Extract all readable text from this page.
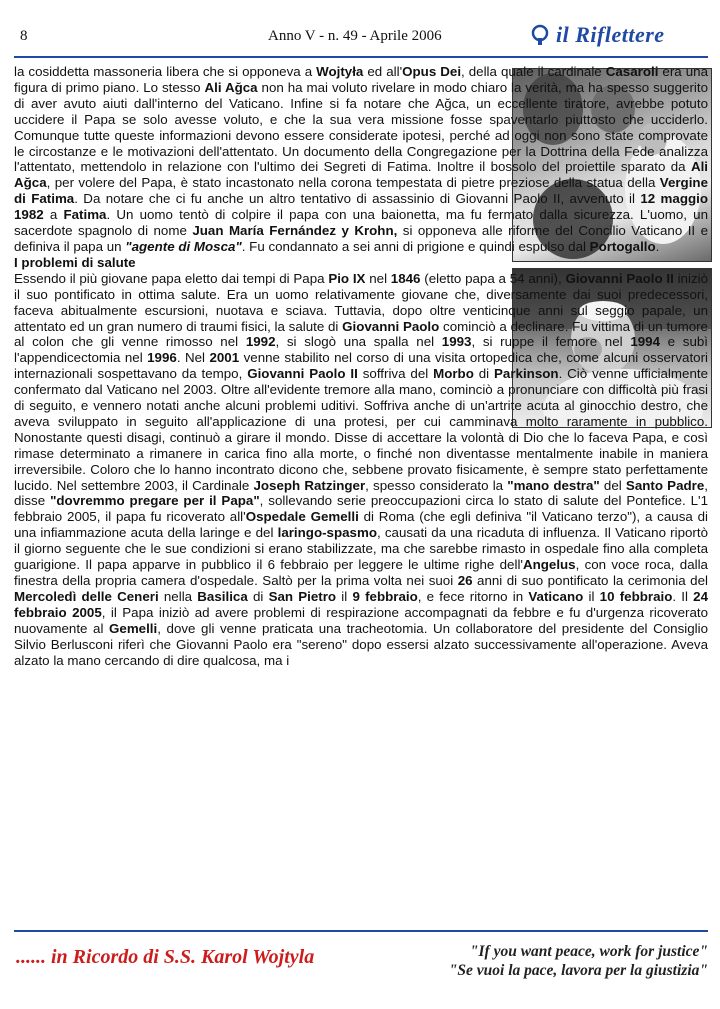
8	Anno V - n. 49 - Aprile 2006	il Riflettere
la cosiddetta massoneria libera che si opponeva a Wojtyła ed all'Opus Dei, della quale il cardinale Casaroli era una figura di primo piano. Lo stesso Ali Ağca non ha mai voluto rivelare in modo chiaro la verità, ma ha spesso suggerito di aver avuto aiuti dall'interno del Vaticano. Infine si fa notare che Ağca, un eccellente tiratore, avrebbe potuto uccidere il Papa se solo avesse voluto, e che la sua vera missione fosse spaventarlo piuttosto che ucciderlo. Comunque tutte queste informazioni devono essere considerate ipotesi, perché ad oggi non sono state comprovate le circostanze e le motivazioni dell'attentato. Un documento della Congregazione per la Dottrina della Fede analizza l'attentato, mettendolo in relazione con l'ultimo dei Segreti di Fatima. Inoltre il bossolo del proiettile sparato da Ali Ağca, per volere del Papa, è stato incastonato nella corona tempestata di pietre preziose della statua della Vergine di Fatima. Da notare che ci fu anche un altro tentativo di assassinio di Giovanni Paolo II, avvenuto il 12 maggio 1982 a Fatima. Un uomo tentò di colpire il papa con una baionetta, ma fu fermato dalla sicurezza. L'uomo, un sacerdote spagnolo di nome Juan María Fernández y Krohn, si opponeva alle riforme del Concilio Vaticano II e definiva il papa un "agente di Mosca". Fu condannato a sei anni di prigione e quindi espulso dal Portogallo.
I problemi di salute
Essendo il più giovane papa eletto dai tempi di Papa Pio IX nel 1846 (eletto papa a 54 anni), Giovanni Paolo II iniziò il suo pontificato in ottima salute. Era un uomo relativamente giovane che, diversamente dai suoi predecessori, faceva abitualmente escursioni, nuotava e sciava. Tuttavia, dopo oltre venticinque anni sul seggio papale, un attentato ed un gran numero di traumi fisici, la salute di Giovanni Paolo cominciò a declinare. Fu vittima di un tumore al colon che gli venne rimosso nel 1992, si slogò una spalla nel 1993, si ruppe il femore nel 1994 e subì l'appendicectomia nel 1996. Nel 2001 venne stabilito nel corso di una visita ortopedica che, come alcuni osservatori internazionali sospettavano da tempo, Giovanni Paolo II soffriva del Morbo di Parkinson. Ciò venne ufficialmente confermato dal Vaticano nel 2003. Oltre all'evidente tremore alla mano, cominciò a pronunciare con difficoltà più frasi di seguito, e vennero notati anche alcuni problemi uditivi. Soffriva anche di un'artrite acuta al ginocchio destro, che aveva sviluppato in seguito all'applicazione di una protesi, per cui camminava molto raramente in pubblico. Nonostante questi disagi, continuò a girare il mondo. Disse di accettare la volontà di Dio che lo faceva Papa, e così rimase determinato a rimanere in carica fino alla morte, o finché non diventasse mentalmente inabile in maniera irreversibile. Coloro che lo hanno incontrato dicono che, sebbene provato fisicamente, è sempre stato perfettamente lucido. Nel settembre 2003, il Cardinale Joseph Ratzinger, spesso considerato la "mano destra" del Santo Padre, disse "dovremmo pregare per il Papa", sollevando serie preoccupazioni circa lo stato di salute del Pontefice. L'1 febbraio 2005, il papa fu ricoverato all'Ospedale Gemelli di Roma (che egli definiva "il Vaticano terzo"), a causa di una infiammazione acuta della laringe e del laringo-spasmo, causati da una ricaduta di influenza. Il Vaticano riportò il giorno seguente che le sue condizioni si erano stabilizzate, ma che sarebbe rimasto in ospedale fino alla completa guarigione. Il papa apparve in pubblico il 6 febbraio per leggere le ultime righe dell'Angelus, con voce roca, dalla finestra della propria camera d'ospedale. Saltò per la prima volta nei suoi 26 anni di suo pontificato la cerimonia del Mercoledì delle Ceneri nella Basilica di San Pietro il 9 febbraio, e fece ritorno in Vaticano il 10 febbraio. Il 24 febbraio 2005, il Papa iniziò ad avere problemi di respirazione accompagnati da febbre e fu d'urgenza ricoverato nuovamente al Gemelli, dove gli venne praticata una tracheotomia. Un collaboratore del presidente del Consiglio Silvio Berlusconi riferì che Giovanni Paolo era "sereno" dopo essersi alzato successivamente all'operazione. Aveva alzato la mano cercando di dire qualcosa, ma i
...... in Ricordo di S.S. Karol Wojtyla	"If you want peace, work for justice"
"Se vuoi la pace, lavora per la giustizia"
